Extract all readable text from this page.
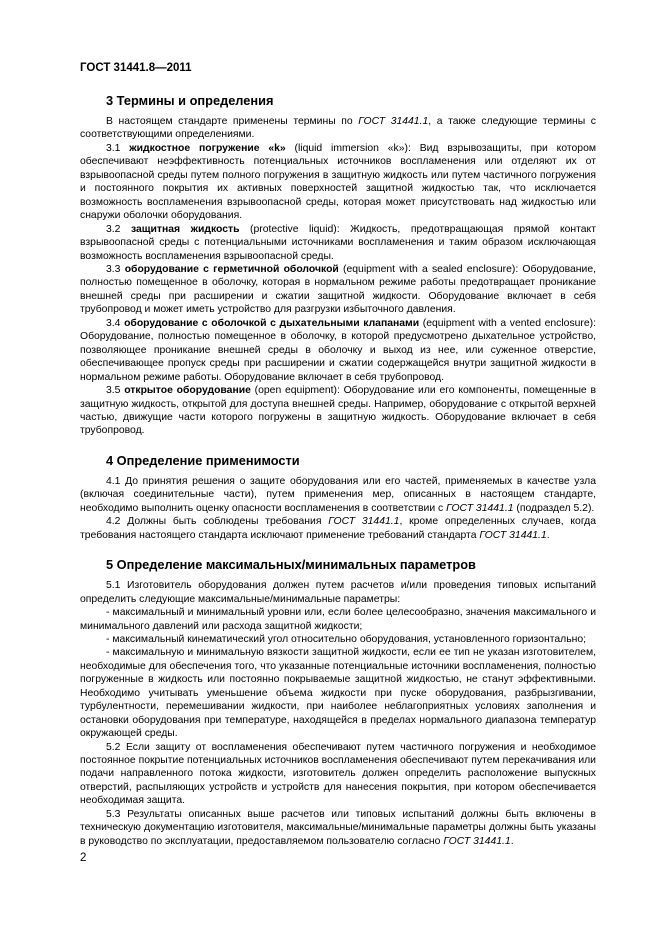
ГОСТ 31441.8—2011
3 Термины и определения

В настоящем стандарте применены термины по ГОСТ 31441.1, а также следующие термины с соответствующими определениями.

3.1 жидкостное погружение «k» (liquid immersion «k»): Вид взрывозащиты, при котором обеспечивают неэффективность потенциальных источников воспламенения или отделяют их от взрывоопасной среды путем полного погружения в защитную жидкость или путем частичного погружения и постоянного покрытия их активных поверхностей защитной жидкостью так, что исключается возможность воспламенения взрывоопасной среды, которая может присутствовать над жидкостью или снаружи оболочки оборудования.

3.2 защитная жидкость (protective liquid): Жидкость, предотвращающая прямой контакт взрывоопасной среды с потенциальными источниками воспламенения и таким образом исключающая возможность воспламенения взрывоопасной среды.

3.3 оборудование с герметичной оболочкой (equipment with a sealed enclosure): Оборудование, полностью помещенное в оболочку, которая в нормальном режиме работы предотвращает проникание внешней среды при расширении и сжатии защитной жидкости. Оборудование включает в себя трубопровод и может иметь устройство для разгрузки избыточного давления.

3.4 оборудование с оболочкой с дыхательными клапанами (equipment with a vented enclosure): Оборудование, полностью помещенное в оболочку, в которой предусмотрено дыхательное устройство, позволяющее проникание внешней среды в оболочку и выход из нее, или суженное отверстие, обеспечивающее пропуск среды при расширении и сжатии содержащейся внутри защитной жидкости в нормальном режиме работы. Оборудование включает в себя трубопровод.

3.5 открытое оборудование (open equipment): Оборудование или его компоненты, помещенные в защитную жидкость, открытой для доступа внешней среды. Например, оборудование с открытой верхней частью, движущие части которого погружены в защитную жидкость. Оборудование включает в себя трубопровод.

4 Определение применимости

4.1 До принятия решения о защите оборудования или его частей, применяемых в качестве узла (включая соединительные части), путем применения мер, описанных в настоящем стандарте, необходимо выполнить оценку опасности воспламенения в соответствии с ГОСТ 31441.1 (подраздел 5.2).

4.2 Должны быть соблюдены требования ГОСТ 31441.1, кроме определенных случаев, когда требования настоящего стандарта исключают применение требований стандарта ГОСТ 31441.1.

5 Определение максимальных/минимальных параметров

5.1 Изготовитель оборудования должен путем расчетов и/или проведения типовых испытаний определить следующие максимальные/минимальные параметры:

- максимальный и минимальный уровни или, если более целесообразно, значения максимального и минимального давлений или расхода защитной жидкости;

- максимальный кинематический угол относительно оборудования, установленного горизонтально;

- максимальную и минимальную вязкости защитной жидкости, если ее тип не указан изготовителем, необходимые для обеспечения того, что указанные потенциальные источники воспламенения, полностью погруженные в жидкость или постоянно покрываемые защитной жидкостью, не станут эффективными. Необходимо учитывать уменьшение объема жидкости при пуске оборудования, разбрызгивании, турбулентности, перемешивании жидкости, при наиболее неблагоприятных условиях заполнения и остановки оборудования при температуре, находящейся в пределах нормального диапазона температур окружающей среды.

5.2 Если защиту от воспламенения обеспечивают путем частичного погружения и необходимое постоянное покрытие потенциальных источников воспламенения обеспечивают путем перекачивания или подачи направленного потока жидкости, изготовитель должен определить расположение выпускных отверстий, распыляющих устройств и устройств для нанесения покрытия, при котором обеспечивается необходимая защита.

5.3 Результаты описанных выше расчетов или типовых испытаний должны быть включены в техническую документацию изготовителя, максимальные/минимальные параметры должны быть указаны в руководство по эксплуатации, предоставляемом пользователю согласно ГОСТ 31441.1.

2
